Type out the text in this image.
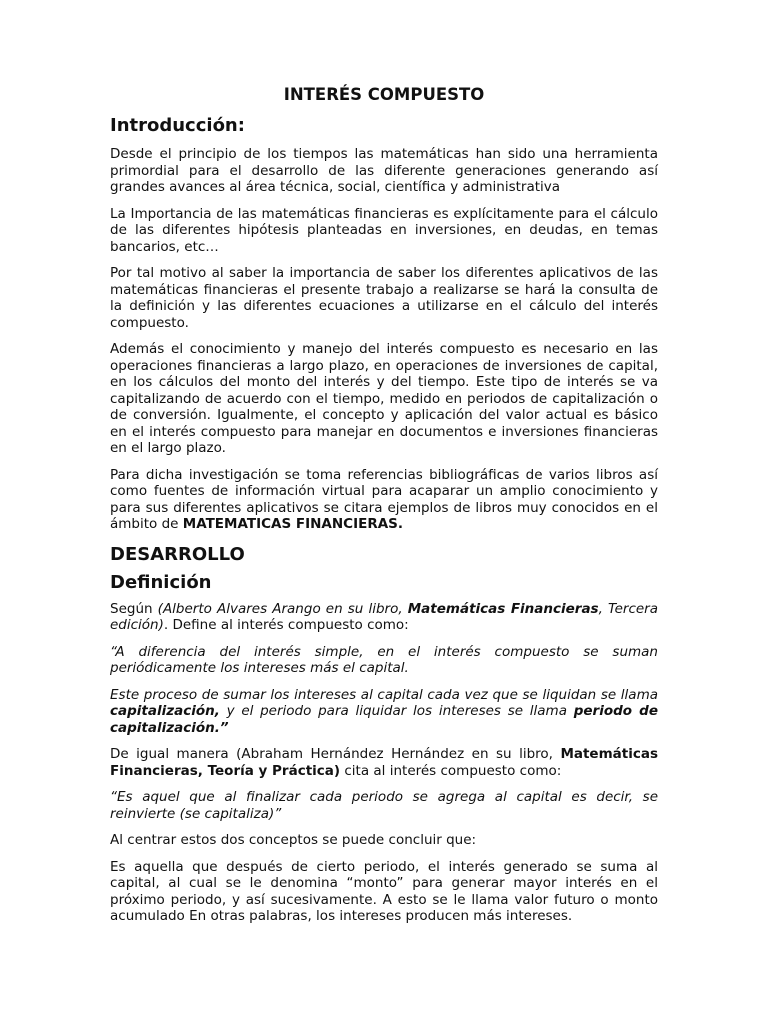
INTERÉS COMPUESTO
Introducción:

Desde el principio de los tiempos las matemáticas han sido una herramienta primordial para el desarrollo de las diferente generaciones generando así grandes avances al área técnica, social, científica y administrativa

La Importancia de las matemáticas financieras es explícitamente para el cálculo de las diferentes hipótesis planteadas en inversiones, en deudas, en temas bancarios, etc…

Por tal motivo al saber la importancia de saber los diferentes aplicativos de las matemáticas financieras el presente trabajo a realizarse se hará la consulta de la definición y las diferentes ecuaciones a utilizarse en el cálculo del interés compuesto.

Además el conocimiento y manejo del interés compuesto es necesario en las operaciones financieras a largo plazo, en operaciones de inversiones de capital, en los cálculos del monto del interés y del tiempo. Este tipo de interés se va capitalizando de acuerdo con el tiempo, medido en periodos de capitalización o de conversión. Igualmente, el concepto y aplicación del valor actual es básico en el interés compuesto para manejar en documentos e inversiones financieras en el largo plazo.

Para dicha investigación se toma referencias bibliográficas de varios libros así como fuentes de información virtual para acaparar un amplio conocimiento y para sus diferentes aplicativos se citara ejemplos de libros muy conocidos en el ámbito de MATEMATICAS FINANCIERAS.

DESARROLLO
Definición

Según (Alberto Alvares Arango en su libro, Matemáticas Financieras, Tercera edición). Define al interés compuesto como:

“A diferencia del interés simple, en el interés compuesto se suman periódicamente los intereses más el capital.

Este proceso de sumar los intereses al capital cada vez que se liquidan se llama capitalización, y el periodo para liquidar los intereses se llama periodo de capitalización.”

De igual manera (Abraham Hernández Hernández en su libro, Matemáticas Financieras, Teoría y Práctica) cita al interés compuesto como:

“Es aquel que al finalizar cada periodo se agrega al capital es decir, se reinvierte (se capitaliza)”

Al centrar estos dos conceptos se puede concluir que:

Es aquella que después de cierto periodo, el interés generado se suma al capital, al cual se le denomina “monto” para generar mayor interés en el próximo periodo, y así sucesivamente. A esto se le llama valor futuro o monto acumulado En otras palabras, los intereses producen más intereses.
